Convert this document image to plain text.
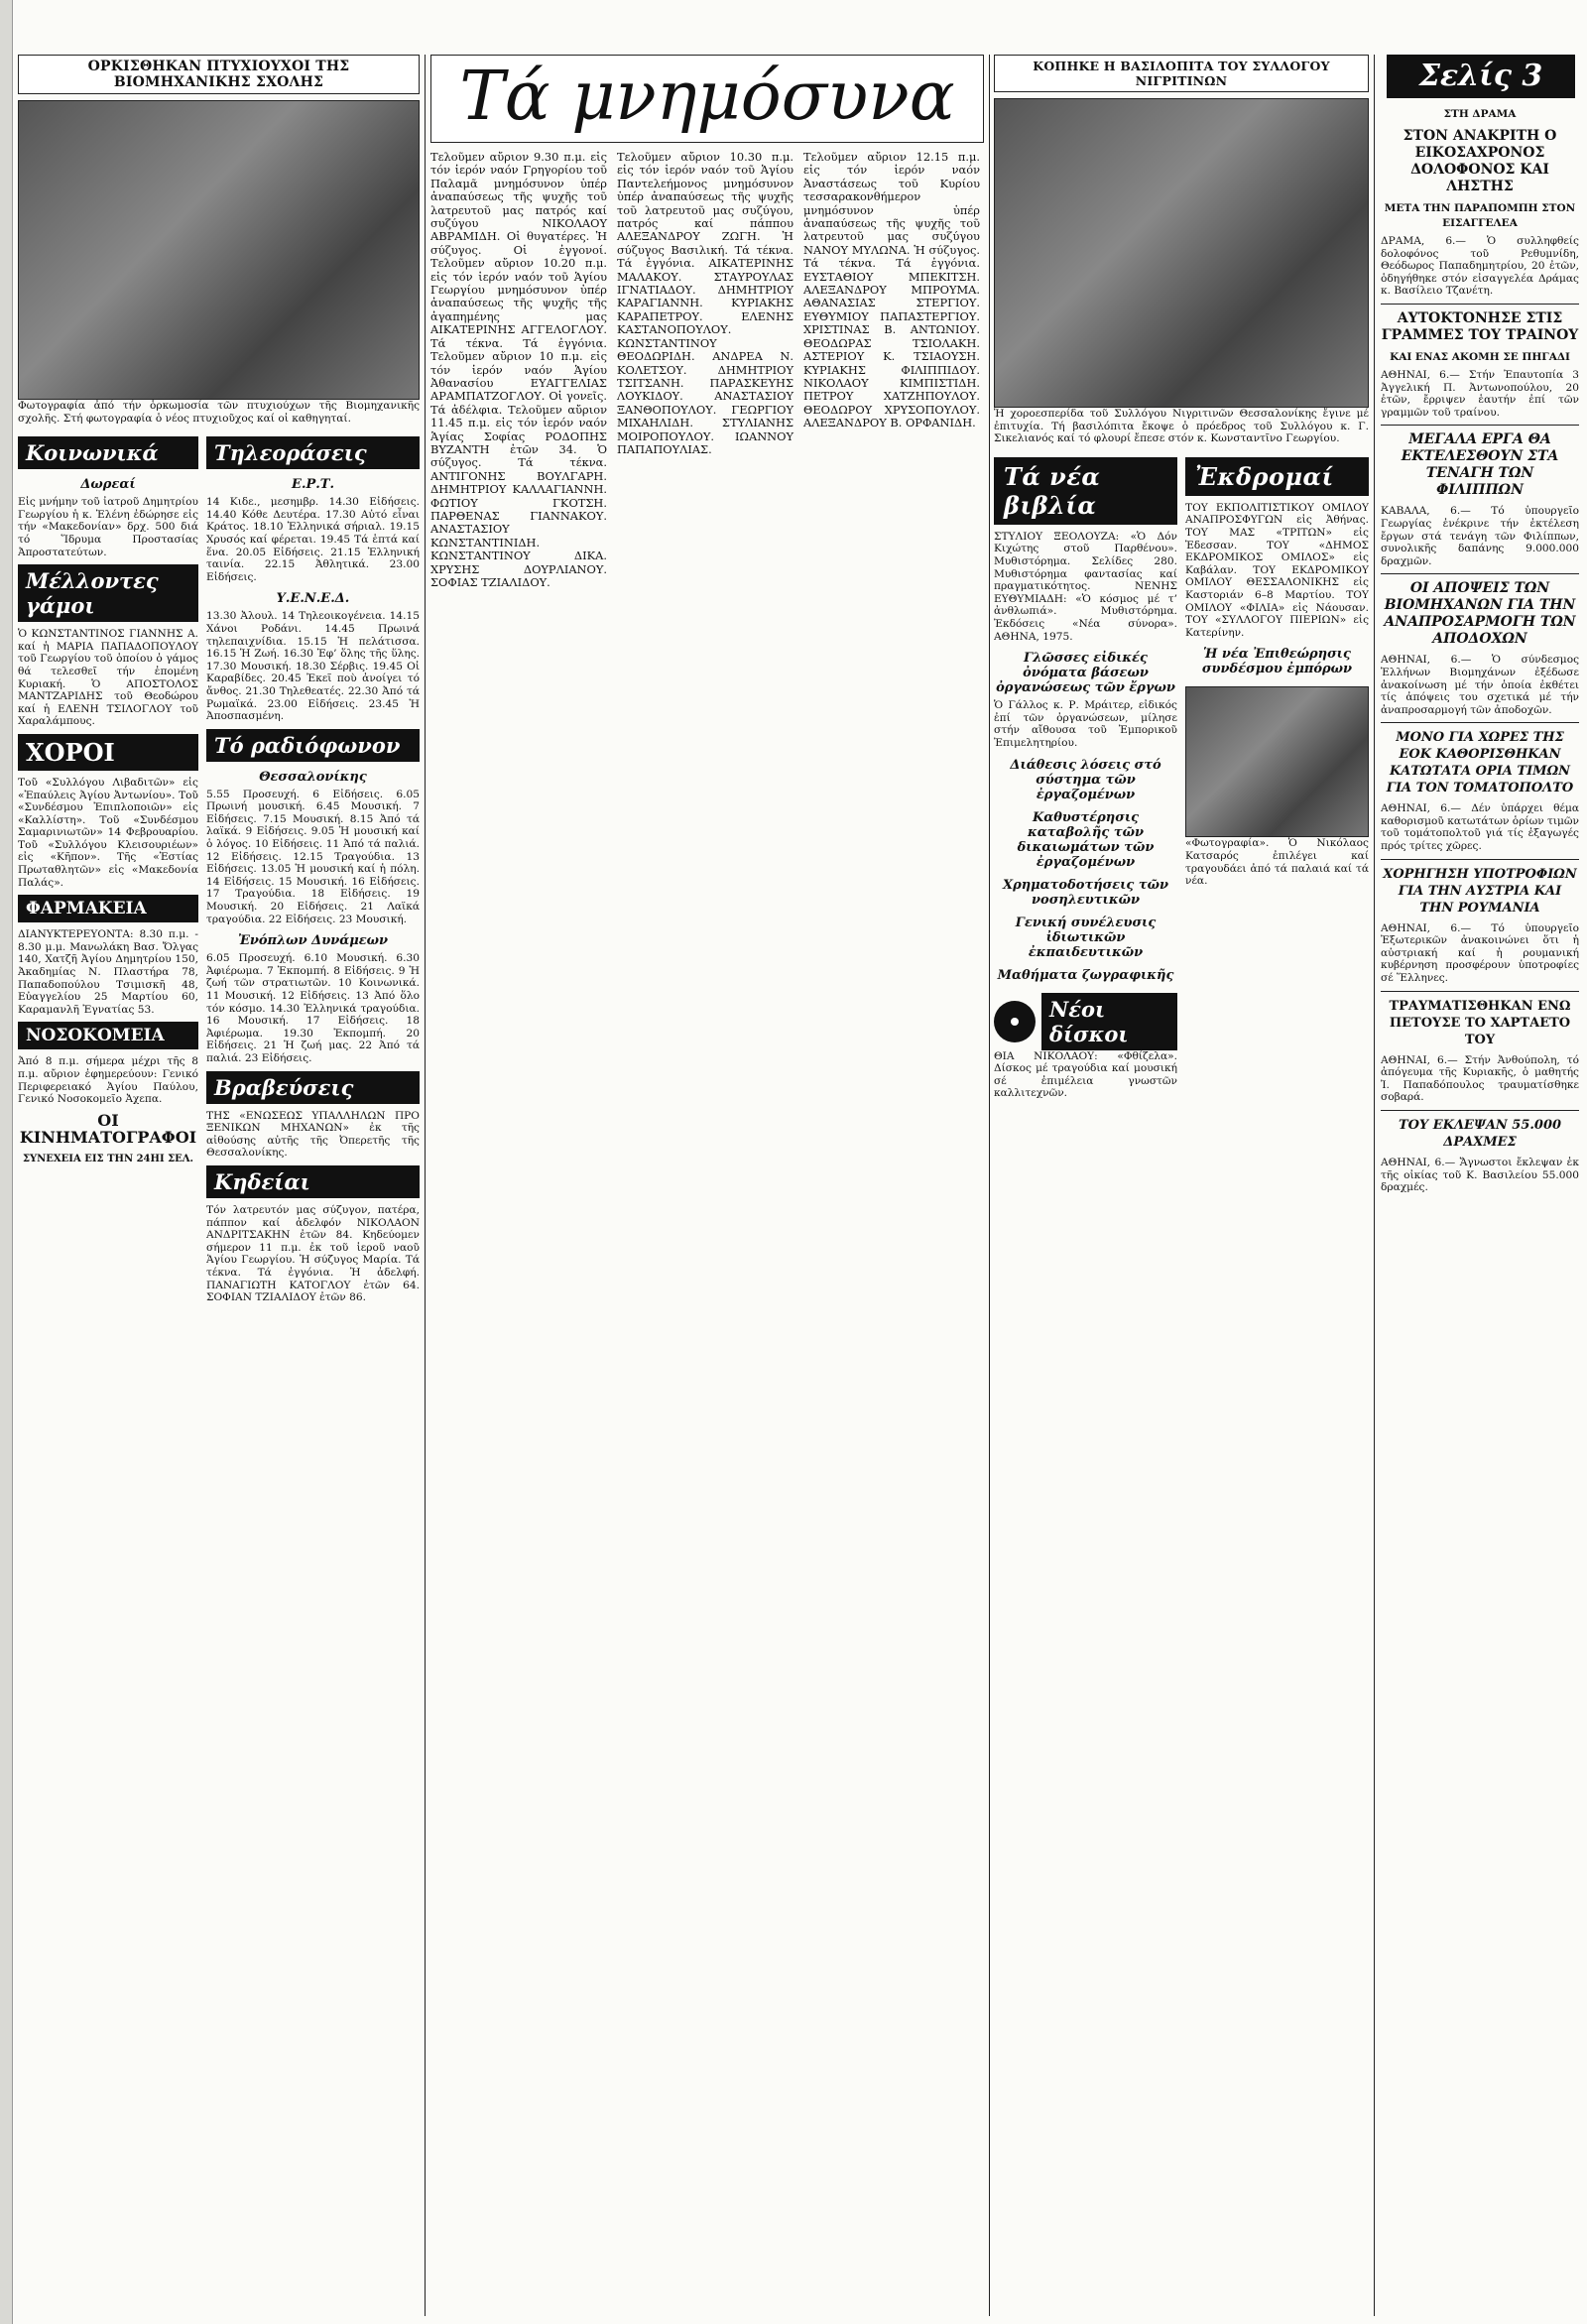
ΟΡΚΙΣΘΗΚΑΝ ΠΤΥΧΙΟΥΧΟΙ ΤΗΣ ΒΙΟΜΗΧΑΝΙΚΗΣ ΣΧΟΛΗΣ

Φωτογραφία ἀπό τήν ὁρκωμοσία τῶν πτυχιούχων τῆς Βιομηχανικῆς σχολῆς. Στή φωτογραφία ὁ νέος πτυχιοῦχος καί οἱ καθηγηταί.

Κοινωνικά
Δωρεαί

Εἰς μνήμην τοῦ ἰατροῦ Δημητρίου Γεωργίου ἡ κ. Ἑλένη ἐδώρησε εἰς τήν «Μακεδονίαν» δρχ. 500 διά τό Ἵδρυμα Προστασίας Ἀπροστατεύτων.

Μέλλοντες γάμοι

Ὁ ΚΩΝΣΤΑΝΤΙΝΟΣ ΓΙΑΝΝΗΣ Α. καί ἡ ΜΑΡΙΑ ΠΑΠΑΔΟΠΟΥΛΟΥ τοῦ Γεωργίου τοῦ ὁποίου ὁ γάμος θά τελεσθεῖ τήν ἐπομένη Κυριακή. Ὁ ΑΠΟΣΤΟΛΟΣ ΜΑΝΤΖΑΡΙΔΗΣ τοῦ Θεοδώρου καί ἡ ΕΛΕΝΗ ΤΣΙΛΟΓΛΟΥ τοῦ Χαραλάμπους.

ΧΟΡΟΙ

Τοῦ «Συλλόγου Λιβαδιτῶν» εἰς «Ἐπαύλεις Ἀγίου Ἀντωνίου». Τοῦ «Συνδέσμου Ἐπιπλοποιῶν» εἰς «Καλλίστη». Τοῦ «Συνδέσμου Σαμαρινιωτῶν» 14 Φεβρουαρίου. Τοῦ «Συλλόγου Κλεισουριέων» εἰς «Κῆπον». Τῆς «Ἑστίας Πρωταθλητῶν» εἰς «Μακεδονία Παλάς».

ΦΑΡΜΑΚΕΙΑ

ΔΙΑΝΥΚΤΕΡΕΥΟΝΤΑ: 8.30 π.μ. - 8.30 μ.μ. Μανωλάκη Βασ. Ὄλγας 140, Χατζῆ Ἀγίου Δημητρίου 150, Ἀκαδημίας Ν. Πλαστήρα 78, Παπαδοπούλου Τσιμισκῆ 48, Εὐαγγελίου 25 Μαρτίου 60, Καραμανλῆ Ἐγνατίας 53.

ΝΟΣΟΚΟΜΕΙΑ

Ἀπό 8 π.μ. σήμερα μέχρι τῆς 8 π.μ. αὔριον ἐφημερεύουν: Γενικό Περιφερειακό Ἀγίου Παύλου, Γενικό Νοσοκομεῖο Ἀχεπα.

ΟΙ ΚΙΝΗΜΑΤΟΓΡΑΦΟΙ
ΣΥΝΕΧΕΙΑ ΕΙΣ ΤΗΝ 24ΗΙ ΣΕΛ.
Τηλεοράσεις
Ε.Ρ.Τ.

14 Κιδε., μεσημβρ. 14.30 Εἰδήσεις. 14.40 Κόθε Δευτέρα. 17.30 Αὐτό εἶναι Κράτος. 18.10 Ἑλληνικά σήριαλ. 19.15 Χρυσός καί φέρεται. 19.45 Τά ἑπτά καί ἕνα. 20.05 Εἰδήσεις. 21.15 Ἑλληνική ταινία. 22.15 Ἀθλητικά. 23.00 Εἰδήσεις.

Υ.Ε.Ν.Ε.Δ.

13.30 Ἀλουλ. 14 Τηλεοικογένεια. 14.15 Χάνοι Ροδάνι. 14.45 Πρωινά τηλεπαιχνίδια. 15.15 Ἡ πελάτισσα. 16.15 Ἡ Ζωή. 16.30 Ἐφ’ ὅλης τῆς ὕλης. 17.30 Μουσική. 18.30 Σέρβις. 19.45 Οἱ Καραβίδες. 20.45 Ἐκεῖ ποὺ ἀνοίγει τό ἄνθος. 21.30 Τηλεθεατές. 22.30 Ἀπό τά Ρωμαϊκά. 23.00 Εἰδήσεις. 23.45 Ἡ Ἀποσπασμένη.

Τό ραδιόφωνον
Θεσσαλονίκης

5.55 Προσευχή. 6 Εἰδήσεις. 6.05 Πρωινή μουσική. 6.45 Μουσική. 7 Εἰδήσεις. 7.15 Μουσική. 8.15 Ἀπό τά λαϊκά. 9 Εἰδήσεις. 9.05 Ἡ μουσική καί ὁ λόγος. 10 Εἰδήσεις. 11 Ἀπό τά παλιά. 12 Εἰδήσεις. 12.15 Τραγούδια. 13 Εἰδήσεις. 13.05 Ἡ μουσική καί ἡ πόλη. 14 Εἰδήσεις. 15 Μουσική. 16 Εἰδήσεις. 17 Τραγούδια. 18 Εἰδήσεις. 19 Μουσική. 20 Εἰδήσεις. 21 Λαϊκά τραγούδια. 22 Εἰδήσεις. 23 Μουσική.

Ἐνόπλων Δυνάμεων

6.05 Προσευχή. 6.10 Μουσική. 6.30 Ἀφιέρωμα. 7 Ἐκπομπή. 8 Εἰδήσεις. 9 Ἡ ζωή τῶν στρατιωτῶν. 10 Κοινωνικά. 11 Μουσική. 12 Εἰδήσεις. 13 Ἀπό ὅλο τόν κόσμο. 14.30 Ἐλληνικά τραγούδια. 16 Μουσική. 17 Εἰδήσεις. 18 Ἀφιέρωμα. 19.30 Ἐκπομπή. 20 Εἰδήσεις. 21 Ἡ ζωή μας. 22 Ἀπό τά παλιά. 23 Εἰδήσεις.

Βραβεύσεις

ΤΗΣ «ΕΝΩΣΕΩΣ ΥΠΑΛΛΗΛΩΝ ΠΡΟ ΞΕΝΙΚΩΝ ΜΗΧΑΝΩΝ» ἐκ τῆς αἰθούσης αὐτῆς τῆς Ὀπερετῆς τῆς Θεσσαλονίκης.

Κηδείαι

Τόν λατρευτόν μας σύζυγον, πατέρα, πάππον καί ἀδελφόν ΝΙΚΟΛΑΟΝ ΑΝΔΡΙΤΣΑΚΗΝ ἐτῶν 84. Κηδεύομεν σήμερον 11 π.μ. ἐκ τοῦ ἱεροῦ ναοῦ Ἁγίου Γεωργίου. Ἡ σύζυγος Μαρία. Τά τέκνα. Τά ἐγγόνια. Ἡ ἀδελφή. ΠΑΝΑΓΙΩΤΗ ΚΑΤΟΓΛΟΥ ἐτῶν 64. ΣΟΦΙΑΝ ΤΖΙΑΛΙΔΟΥ ἐτῶν 86.

Τά μνημόσυνα

Τελοῦμεν αὔριον 9.30 π.μ. εἰς τόν ἱερόν ναόν Γρηγορίου τοῦ Παλαμᾶ μνημόσυνον ὑπέρ ἀναπαύσεως τῆς ψυχῆς τοῦ λατρευτοῦ μας πατρός καί συζύγου ΝΙΚΟΛΑΟΥ ΑΒΡΑΜΙΔΗ. Οἱ θυγατέρες. Ἡ σύζυγος. Οἱ ἐγγονοί. Τελοῦμεν αὔριον 10.20 π.μ. εἰς τόν ἱερόν ναόν τοῦ Ἁγίου Γεωργίου μνημόσυνον ὑπέρ ἀναπαύσεως τῆς ψυχῆς τῆς ἀγαπημένης μας ΑΙΚΑΤΕΡΙΝΗΣ ΑΓΓΕΛΟΓΛΟΥ. Τά τέκνα. Τά ἐγγόνια. Τελοῦμεν αὔριον 10 π.μ. εἰς τόν ἱερόν ναόν Ἁγίου Ἀθανασίου ΕΥΑΓΓΕΛΙΑΣ ΑΡΑΜΠΑΤΖΟΓΛΟΥ. Οἱ γονεῖς. Τά ἀδέλφια. Τελοῦμεν αὔριον 11.45 π.μ. εἰς τόν ἱερόν ναόν Ἁγίας Σοφίας ΡΟΔΟΠΗΣ ΒΥΖΑΝΤΗ ἐτῶν 34. Ὁ σύζυγος. Τά τέκνα. ΑΝΤΙΓΟΝΗΣ ΒΟΥΛΓΑΡΗ. ΔΗΜΗΤΡΙΟΥ ΚΑΛΛΑΓΙΑΝΝΗ. ΦΩΤΙΟΥ ΓΚΟΤΣΗ. ΠΑΡΘΕΝΑΣ ΓΙΑΝΝΑΚΟΥ. ΑΝΑΣΤΑΣΙΟΥ ΚΩΝΣΤΑΝΤΙΝΙΔΗ. ΚΩΝΣΤΑΝΤΙΝΟΥ ΔΙΚΑ. ΧΡΥΣΗΣ ΔΟΥΡΛΙΑΝΟΥ. ΣΟΦΙΑΣ ΤΖΙΑΛΙΔΟΥ.

Τελοῦμεν αὔριον 10.30 π.μ. εἰς τόν ἱερόν ναόν τοῦ Ἁγίου Παντελεήμονος μνημόσυνον ὑπέρ ἀναπαύσεως τῆς ψυχῆς τοῦ λατρευτοῦ μας συζύγου, πατρός καί πάππου ΑΛΕΞΑΝΔΡΟΥ ΖΩΓΗ. Ἡ σύζυγος Βασιλική. Τά τέκνα. Τά ἐγγόνια. ΑΙΚΑΤΕΡΙΝΗΣ ΜΑΛΑΚΟΥ. ΣΤΑΥΡΟΥΛΑΣ ΙΓΝΑΤΙΑΔΟΥ. ΔΗΜΗΤΡΙΟΥ ΚΑΡΑΓΙΑΝΝΗ. ΚΥΡΙΑΚΗΣ ΚΑΡΑΠΕΤΡΟΥ. ΕΛΕΝΗΣ ΚΑΣΤΑΝΟΠΟΥΛΟΥ. ΚΩΝΣΤΑΝΤΙΝΟΥ ΘΕΟΔΩΡΙΔΗ. ΑΝΔΡΕΑ Ν. ΚΟΛΕΤΣΟΥ. ΔΗΜΗΤΡΙΟΥ ΤΣΙΤΣΑΝΗ. ΠΑΡΑΣΚΕΥΗΣ ΛΟΥΚΙΔΟΥ. ΑΝΑΣΤΑΣΙΟΥ ΞΑΝΘΟΠΟΥΛΟΥ. ΓΕΩΡΓΙΟΥ ΜΙΧΑΗΛΙΔΗ. ΣΤΥΛΙΑΝΗΣ ΜΟΙΡΟΠΟΥΛΟΥ. ΙΩΑΝΝΟΥ ΠΑΠΑΠΟΥΛΙΑΣ.

Τελοῦμεν αὔριον 12.15 π.μ. εἰς τόν ἱερόν ναόν Ἀναστάσεως τοῦ Κυρίου τεσσαρακονθήμερον μνημόσυνον ὑπέρ ἀναπαύσεως τῆς ψυχῆς τοῦ λατρευτοῦ μας συζύγου ΝΑΝΟΥ ΜΥΛΩΝΑ. Ἡ σύζυγος. Τά τέκνα. Τά ἐγγόνια. ΕΥΣΤΑΘΙΟΥ ΜΠΕΚΙΤΣΗ. ΑΛΕΞΑΝΔΡΟΥ ΜΠΡΟΥΜΑ. ΑΘΑΝΑΣΙΑΣ ΣΤΕΡΓΙΟΥ. ΕΥΘΥΜΙΟΥ ΠΑΠΑΣΤΕΡΓΙΟΥ. ΧΡΙΣΤΙΝΑΣ Β. ΑΝΤΩΝΙΟΥ. ΘΕΟΔΩΡΑΣ ΤΣΙΟΛΑΚΗ. ΑΣΤΕΡΙΟΥ Κ. ΤΣΙΑΟΥΣΗ. ΚΥΡΙΑΚΗΣ ΦΙΛΙΠΠΙΔΟΥ. ΝΙΚΟΛΑΟΥ ΚΙΜΠΙΣΤΙΔΗ. ΠΕΤΡΟΥ ΧΑΤΖΗΠΟΥΛΟΥ. ΘΕΟΔΩΡΟΥ ΧΡΥΣΟΠΟΥΛΟΥ. ΑΛΕΞΑΝΔΡΟΥ Β. ΟΡΦΑΝΙΔΗ.

ΚΟΠΗΚΕ Η ΒΑΣΙΛΟΠΙΤΑ ΤΟΥ ΣΥΛΛΟΓΟΥ ΝΙΓΡΙΤΙΝΩΝ

Ἡ χοροεσπερίδα τοῦ Συλλόγου Νιγριτινῶν Θεσσαλονίκης ἔγινε μέ ἐπιτυχία. Τή βασιλόπιτα ἔκοψε ὁ πρόεδρος τοῦ Συλλόγου κ. Γ. Σικελιανός καί τό φλουρί ἔπεσε στόν κ. Κωνσταντῖνο Γεωργίου.

Τά νέα βιβλία

ΣΤΥΛΙΟΥ ΞΕΟΛΟΥΖΑ: «Ὁ Δόν Κιχώτης στοῦ Παρθένου». Μυθιστόρημα. Σελίδες 280. Μυθιστόρημα φαντασίας καί πραγματικότητος. ΝΕΝΗΣ ΕΥΘΥΜΙΑΔΗ: «Ὁ κόσμος μέ τ’ ἀνθλωπιά». Μυθιστόρημα. Ἐκδόσεις «Νέα σύνορα». ΑΘΗΝΑ, 1975.

Γλῶσσες εἰδικές ὀνόματα βάσεων ὀργανώσεως τῶν ἔργων

Ὁ Γάλλος κ. Ρ. Μράιτερ, εἰδικός ἐπί τῶν ὀργανώσεων, μίλησε στήν αἴθουσα τοῦ Ἐμπορικοῦ Ἐπιμελητηρίου.

Διάθεσις λόσεις στό σύστημα τῶν ἐργαζομένων
Καθυστέρησις καταβολῆς τῶν δικαιωμάτων τῶν ἐργαζομένων
Χρηματοδοτήσεις τῶν νοσηλευτικῶν
Γενική συνέλευσις ἰδιωτικῶν ἐκπαιδευτικῶν
Μαθήματα ζωγραφικῆς
Νέοι δίσκοι

ΘΙΑ ΝΙΚΟΛΑΟΥ: «Φθίζελα». Δίσκος μέ τραγούδια καί μουσική σέ ἐπιμέλεια γνωστῶν καλλιτεχνῶν.

Ἐκδρομαί

ΤΟΥ ΕΚΠΟΛΙΤΙΣΤΙΚΟΥ ΟΜΙΛΟΥ ΑΝΑΠΡΟΣΦΥΓΩΝ εἰς Ἀθήνας. ΤΟΥ ΜΑΣ «ΤΡΙΤΩΝ» εἰς Ἑδεσσαν. ΤΟΥ «ΔΗΜΟΣ ΕΚΔΡΟΜΙΚΟΣ ΟΜΙΛΟΣ» εἰς Καβάλαν. ΤΟΥ ΕΚΔΡΟΜΙΚΟΥ ΟΜΙΛΟΥ ΘΕΣΣΑΛΟΝΙΚΗΣ εἰς Καστοριάν 6–8 Μαρτίου. ΤΟΥ ΟΜΙΛΟΥ «ΦΙΛΙΑ» εἰς Νάουσαν. ΤΟΥ «ΣΥΛΛΟΓΟΥ ΠΙΕΡΙΩΝ» εἰς Κατερίνην.

Ἡ νέα Ἐπιθεώρησις συνδέσμου ἐμπόρων

«Φωτογραφία». Ὁ Νικόλαος Κατσαρός ἐπιλέγει καί τραγουδάει ἀπό τά παλαιά καί τά νέα.

Σελίς 3
ΣΤΗ ΔΡΑΜΑ
ΣΤΟΝ ΑΝΑΚΡΙΤΗ Ο ΕΙΚΟΣΑΧΡΟΝΟΣ ΔΟΛΟΦΟΝΟΣ ΚΑΙ ΛΗΣΤΗΣ
ΜΕΤΑ ΤΗΝ ΠΑΡΑΠΟΜΠΗ ΣΤΟΝ ΕΙΣΑΓΓΕΛΕΑ

ΔΡΑΜΑ, 6.— Ὁ συλληφθείς δολοφόνος τοῦ Ρεθυμνίδη, Θεόδωρος Παπαδημητρίου, 20 ἐτῶν, ὁδηγήθηκε στόν εἰσαγγελέα Δράμας κ. Βασίλειο Τζανέτη.

ΑΥΤΟΚΤΟΝΗΣΕ ΣΤΙΣ ΓΡΑΜΜΕΣ ΤΟΥ ΤΡΑΙΝΟΥ
ΚΑΙ ΕΝΑΣ ΑΚΟΜΗ ΣΕ ΠΗΓΑΔΙ

ΑΘΗΝΑΙ, 6.— Στήν Ἐπαυτοπία 3 Ἀγγελική Π. Ἀντωνοπούλου, 20 ἐτῶν, ἔρριψεν ἑαυτήν ἐπί τῶν γραμμῶν τοῦ τραίνου.

ΜΕΓΑΛΑ ΕΡΓΑ ΘΑ ΕΚΤΕΛΕΣΘΟΥΝ ΣΤΑ ΤΕΝΑΓΗ ΤΩΝ ΦΙΛΙΠΠΩΝ

ΚΑΒΑΛΑ, 6.— Τό ὑπουργεῖο Γεωργίας ἐνέκρινε τήν ἐκτέλεση ἔργων στά τενάγη τῶν Φιλίππων, συνολικῆς δαπάνης 9.000.000 δραχμῶν.

ΟΙ ΑΠΟΨΕΙΣ ΤΩΝ ΒΙΟΜΗΧΑΝΩΝ ΓΙΑ ΤΗΝ ΑΝΑΠΡΟΣΑΡΜΟΓΗ ΤΩΝ ΑΠΟΔΟΧΩΝ

ΑΘΗΝΑΙ, 6.— Ὁ σύνδεσμος Ἑλλήνων Βιομηχάνων ἐξέδωσε ἀνακοίνωση μέ τήν ὁποία ἐκθέτει τίς ἀπόψεις του σχετικά μέ τήν ἀναπροσαρμογή τῶν ἀποδοχῶν.

ΜΟΝΟ ΓΙΑ ΧΩΡΕΣ ΤΗΣ ΕΟΚ ΚΑΘΟΡΙΣΘΗΚΑΝ ΚΑΤΩΤΑΤΑ ΟΡΙΑ ΤΙΜΩΝ ΓΙΑ ΤΟΝ ΤΟΜΑΤΟΠΟΛΤΟ

ΑΘΗΝΑΙ, 6.— Δέν ὑπάρχει θέμα καθορισμοῦ κατωτάτων ὁρίων τιμῶν τοῦ τομάτοπολτοῦ γιά τίς ἐξαγωγές πρός τρίτες χῶρες.

ΧΟΡΗΓΗΣΗ ΥΠΟΤΡΟΦΙΩΝ ΓΙΑ ΤΗΝ ΑΥΣΤΡΙΑ ΚΑΙ ΤΗΝ ΡΟΥΜΑΝΙΑ

ΑΘΗΝΑΙ, 6.— Τό ὑπουργεῖο Ἐξωτερικῶν ἀνακοινώνει ὅτι ἡ αὐστριακή καί ἡ ρουμανική κυβέρνηση προσφέρουν ὑποτροφίες σέ Ἕλληνες.

ΤΡΑΥΜΑΤΙΣΘΗΚΑΝ ΕΝΩ ΠΕΤΟΥΣΕ ΤΟ ΧΑΡΤΑΕΤΟ ΤΟΥ

ΑΘΗΝΑΙ, 6.— Στήν Ἀνθούπολη, τό ἀπόγευμα τῆς Κυριακῆς, ὁ μαθητής Ἰ. Παπαδόπουλος τραυματίσθηκε σοβαρά.

ΤΟΥ ΕΚΛΕΨΑΝ 55.000 ΔΡΑΧΜΕΣ

ΑΘΗΝΑΙ, 6.— Ἄγνωστοι ἔκλεψαν ἐκ τῆς οἰκίας τοῦ Κ. Βασιλείου 55.000 δραχμές.
